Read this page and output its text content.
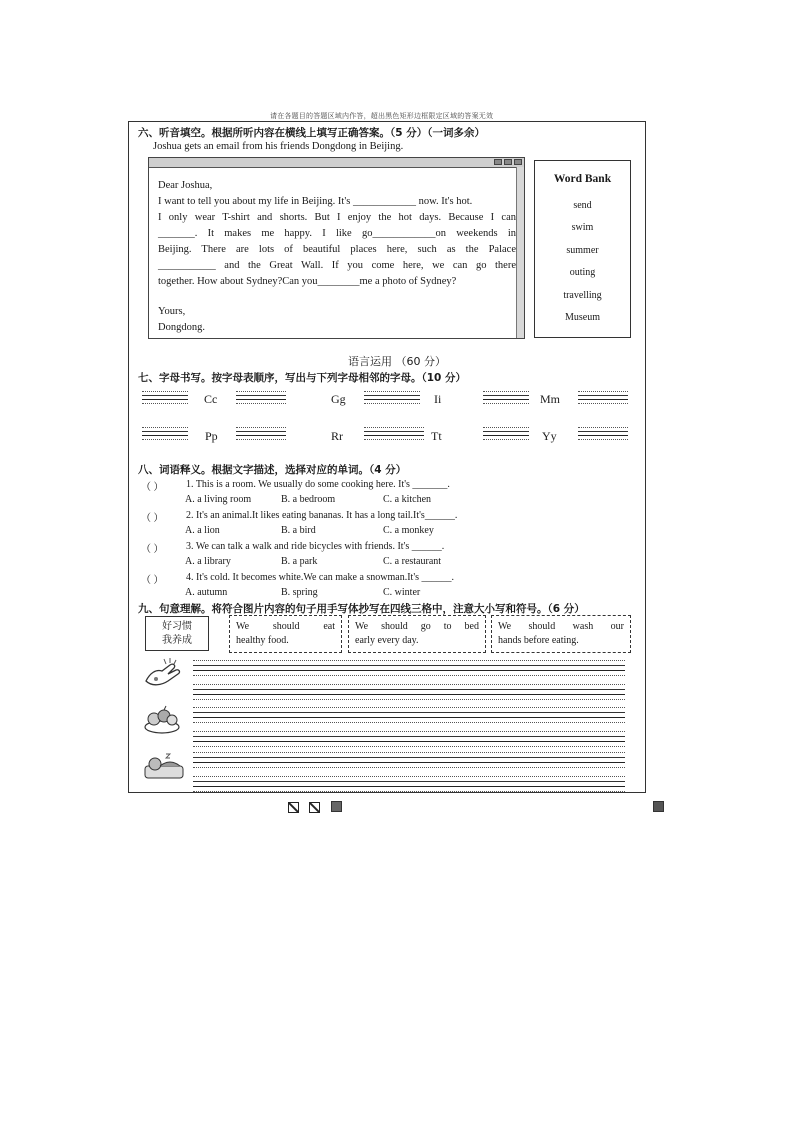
请在各题目的答题区域内作答，超出黑色矩形边框限定区域的答案无效
六、听音填空。根据所听内容在横线上填写正确答案。（5 分）（一词多余）
Joshua gets an email from his friends Dongdong in Beijing.
Dear Joshua,
I want to tell you about my life in Beijing. It's ____________ now. It's hot.
I only wear T-shirt and shorts. But I enjoy the hot days. Because I can
_______. It makes me happy. I like go____________on weekends in
Beijing. There are lots of beautiful places here, such as the Palace
___________ and the Great Wall. If you come here, we can go there
together. How about Sydney?Can you________me a photo of Sydney?
Yours,
Dongdong.
Word Bank
send
swim
summer
outing
travelling
Museum
语言运用 （60 分）
七、字母书写。按字母表顺序，写出与下列字母相邻的字母。（10 分）
Cc	Gg	Ii	Mm
Pp	Rr	Tt	Yy
八、词语释义。根据文字描述，选择对应的单词。（4 分）
（ ） 1. This is a room. We usually do some cooking here. It's _______.
A. a living room	B. a bedroom	C. a kitchen
（ ） 2. It's an animal.It likes eating bananas. It has a long tail.It's______.
A. a lion	B. a bird	C. a monkey
（ ） 3. We can talk a walk and ride bicycles with friends. It's ______.
A. a library	B. a park	C. a restaurant
（ ） 4. It's cold. It becomes white.We can make a snowman.It's ______.
A. autumn	B. spring	C. winter
九、句意理解。将符合图片内容的句子用手写体抄写在四线三格中，注意大小写和符号。（6 分）
好习惯
我养成
We should eat
healthy food.
We should go to bed
early every day.
We should wash our
hands before eating.
